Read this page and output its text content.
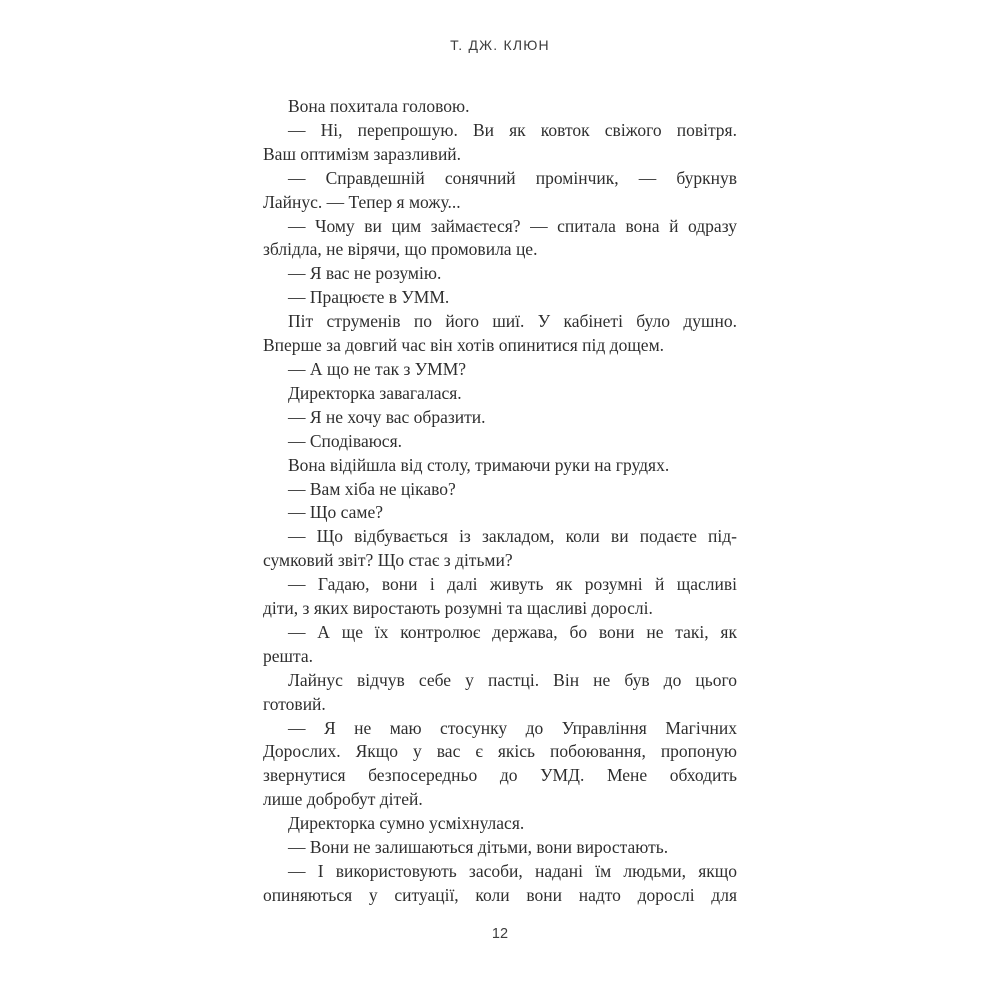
Т. ДЖ. КЛЮН
Вона похитала головою.
— Ні, перепрошую. Ви як ковток свіжого повітря.
Ваш оптимізм заразливий.
— Справдешній сонячний промінчик, — буркнув
Лайнус. — Тепер я можу...
— Чому ви цим займаєтеся? — спитала вона й одразу
зблідла, не вірячи, що промовила це.
— Я вас не розумію.
— Працюєте в УММ.
Піт струменів по його шиї. У кабінеті було душно.
Вперше за довгий час він хотів опинитися під дощем.
— А що не так з УММ?
Директорка завагалася.
— Я не хочу вас образити.
— Сподіваюся.
Вона відійшла від столу, тримаючи руки на грудях.
— Вам хіба не цікаво?
— Що саме?
— Що відбувається із закладом, коли ви подаєте під-
сумковий звіт? Що стає з дітьми?
— Гадаю, вони і далі живуть як розумні й щасливі
діти, з яких виростають розумні та щасливі дорослі.
— А ще їх контролює держава, бо вони не такі, як
решта.
Лайнус відчув себе у пастці. Він не був до цього
готовий.
— Я не маю стосунку до Управління Магічних
Дорослих. Якщо у вас є якісь побоювання, пропоную
звернутися безпосередньо до УМД. Мене обходить
лише добробут дітей.
Директорка сумно усміхнулася.
— Вони не залишаються дітьми, вони виростають.
— І використовують засоби, надані їм людьми, якщо
опиняються у ситуації, коли вони надто дорослі для
12
